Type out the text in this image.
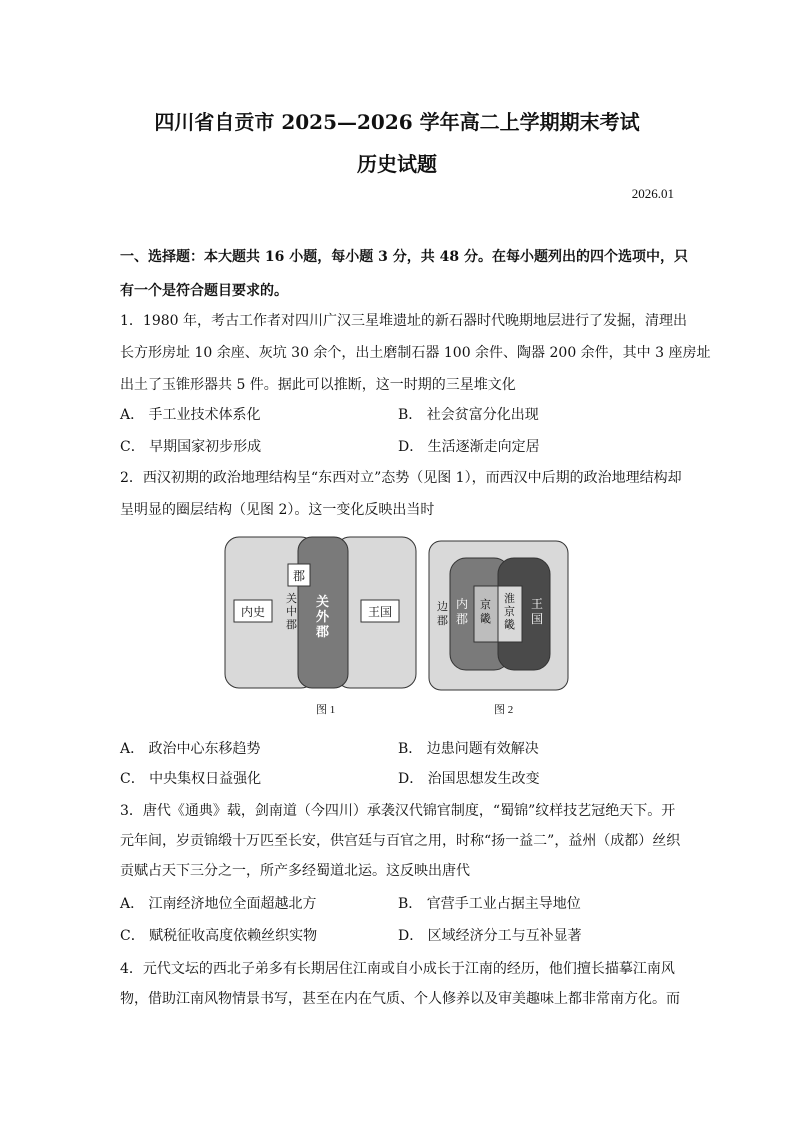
四川省自贡市 2025—2026 学年高二上学期期末考试
历史试题
2026.01
一、选择题：本大题共 16 小题，每小题 3 分，共 48 分。在每小题列出的四个选项中，只
有一个是符合题目要求的。
1．1980 年，考古工作者对四川广汉三星堆遗址的新石器时代晚期地层进行了发掘，清理出
长方形房址 10 余座、灰坑 30 余个，出土磨制石器 100 余件、陶器 200 余件，其中 3 座房址
出土了玉锥形器共 5 件。据此可以推断，这一时期的三星堆文化
A． 手工业技术体系化	B． 社会贫富分化出现
C． 早期国家初步形成	D． 生活逐渐走向定居
2．西汉初期的政治地理结构呈“东西对立”态势（见图 1），而西汉中后期的政治地理结构却
呈明显的圈层结构（见图 2）。这一变化反映出当时
内史
郡
关中郡
关外郡
王国
图 1
边郡
内郡
京畿
淮京畿
王国
图 2
A． 政治中心东移趋势	B． 边患问题有效解决
C． 中央集权日益强化	D． 治国思想发生改变
3．唐代《通典》载，剑南道（今四川）承袭汉代锦官制度，“蜀锦”纹样技艺冠绝天下。开
元年间，岁贡锦缎十万匹至长安，供宫廷与百官之用，时称“扬一益二”，益州（成都）丝织
贡赋占天下三分之一，所产多经蜀道北运。这反映出唐代
A． 江南经济地位全面超越北方	B． 官营手工业占据主导地位
C． 赋税征收高度依赖丝织实物	D． 区域经济分工与互补显著
4．元代文坛的西北子弟多有长期居住江南或自小成长于江南的经历，他们擅长描摹江南风
物，借助江南风物情景书写，甚至在内在气质、个人修养以及审美趣味上都非常南方化。而
